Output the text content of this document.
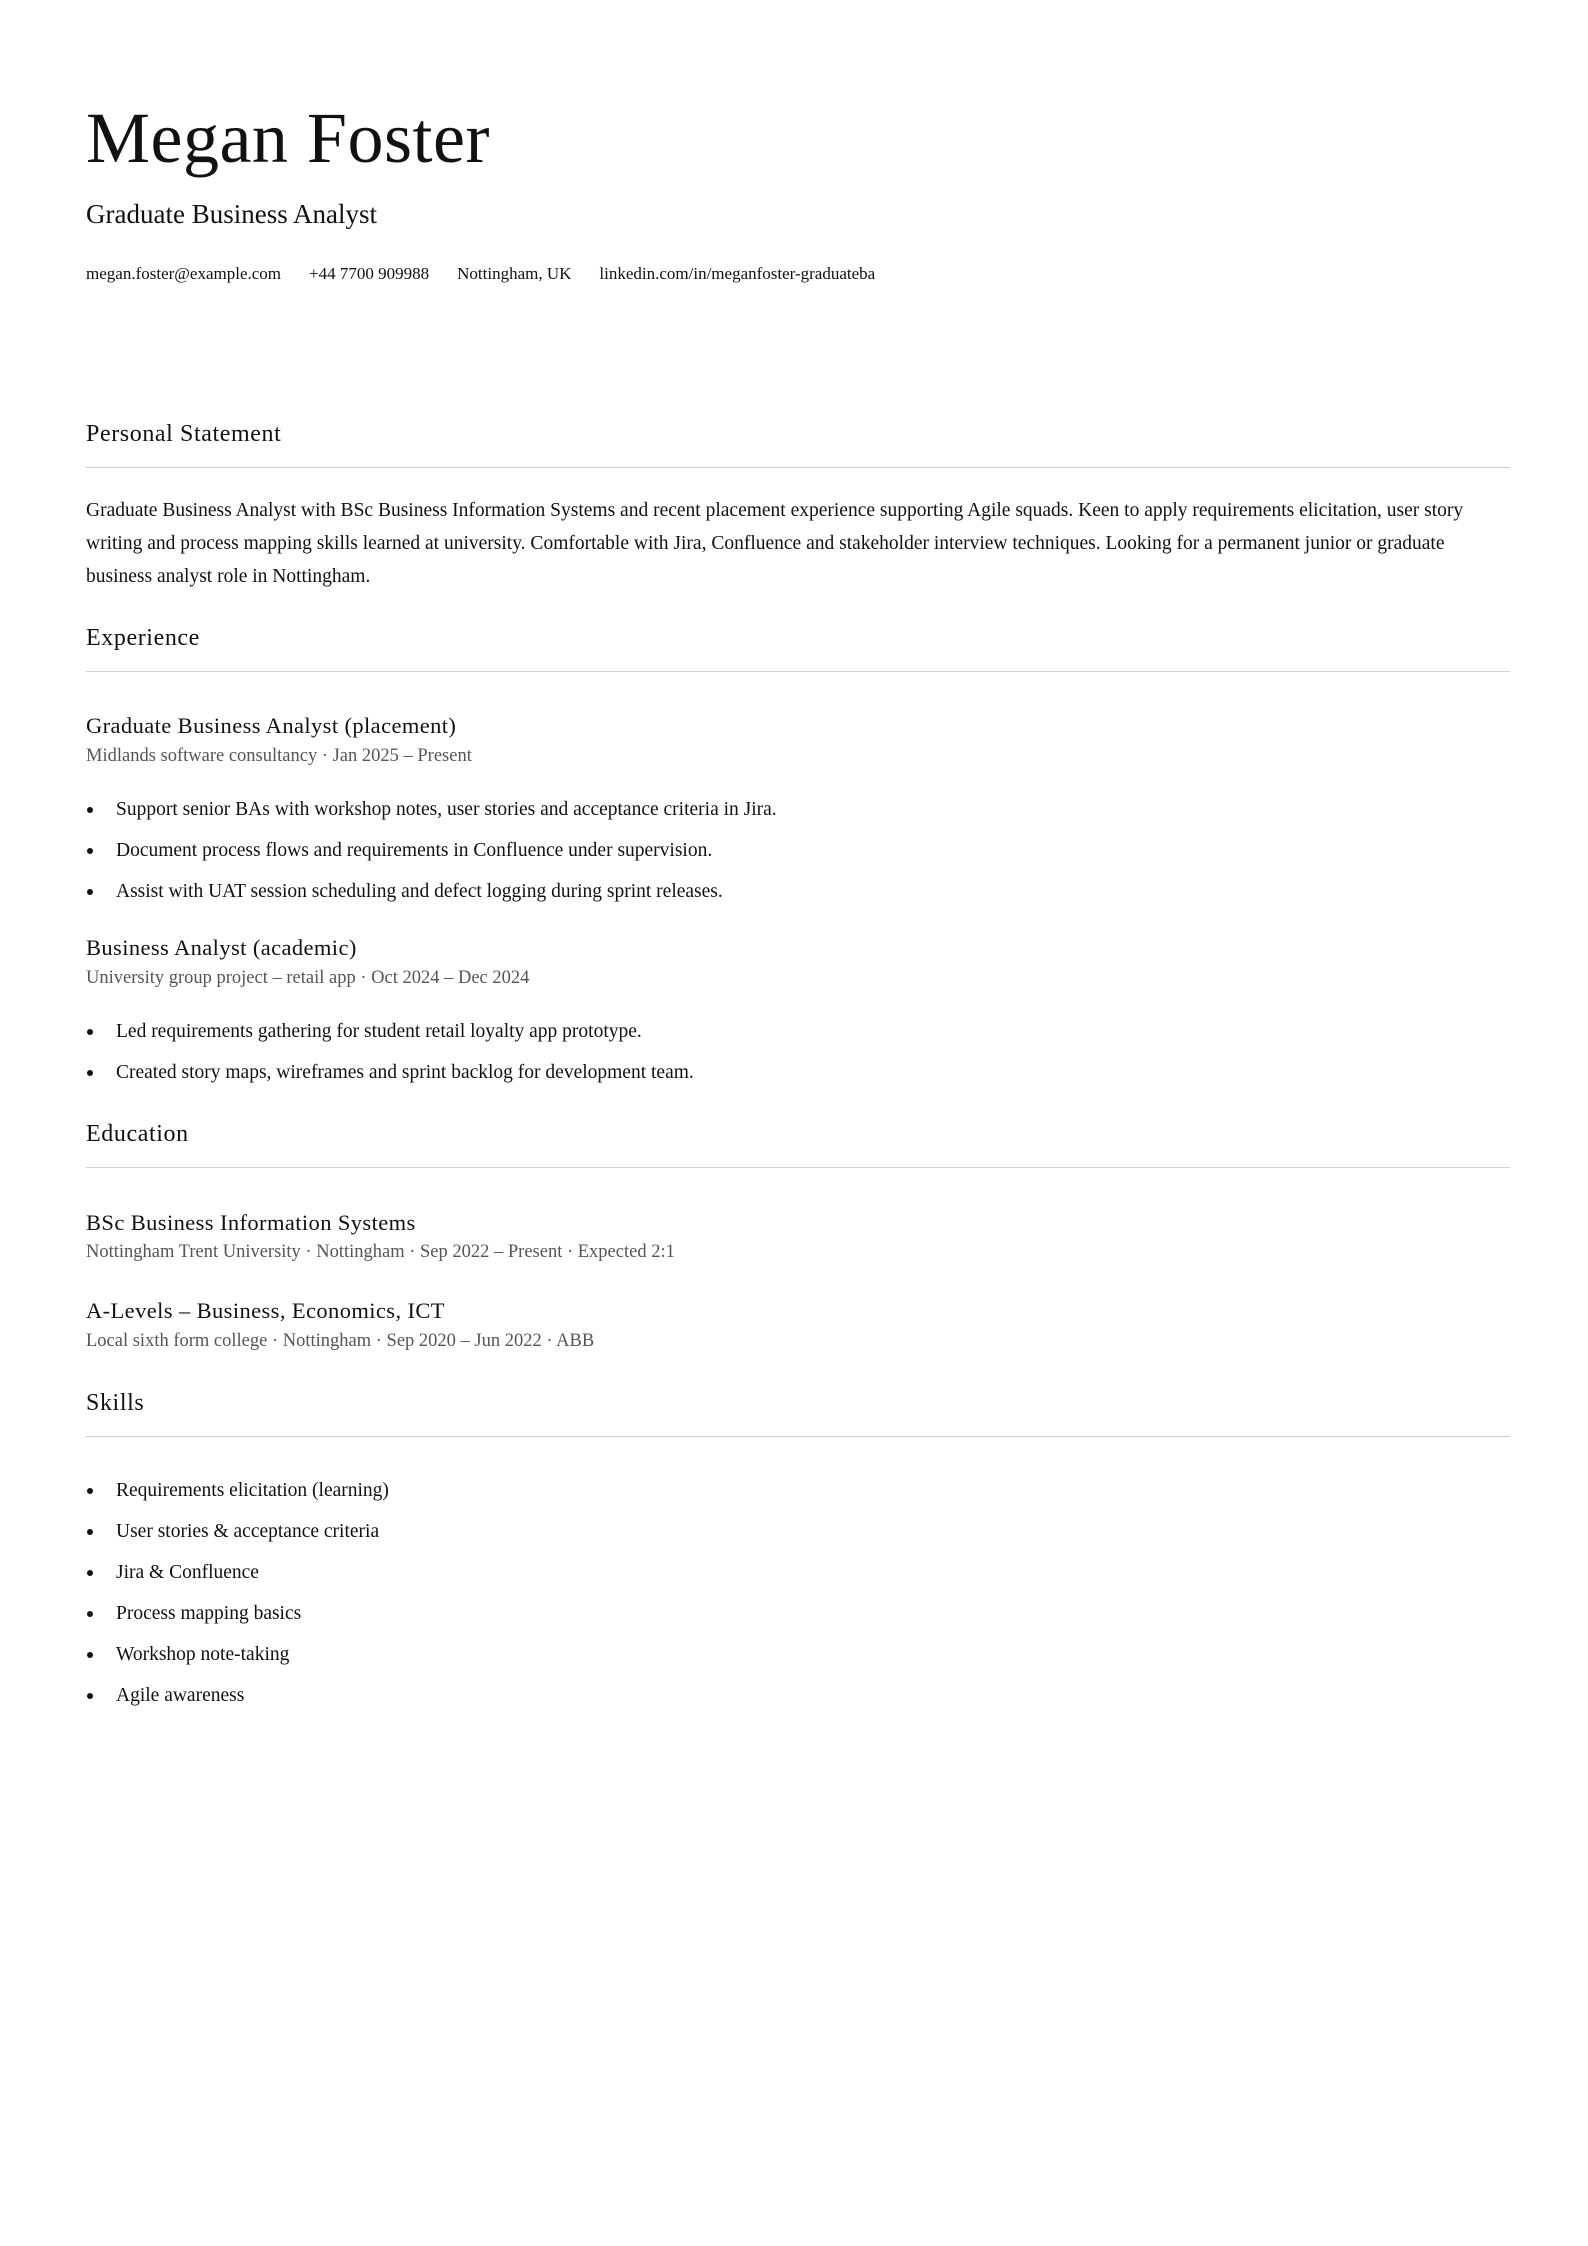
Megan Foster
Graduate Business Analyst
megan.foster@example.com +44 7700 909988 Nottingham, UK linkedin.com/in/meganfoster-graduateba
Personal Statement

Graduate Business Analyst with BSc Business Information Systems and recent placement experience supporting Agile squads. Keen to apply requirements elicitation, user story writing and process mapping skills learned at university. Comfortable with Jira, Confluence and stakeholder interview techniques. Looking for a permanent junior or graduate business analyst role in Nottingham.

Experience
Graduate Business Analyst (placement)
Midlands software consultancy · Jan 2025 – Present
Support senior BAs with workshop notes, user stories and acceptance criteria in Jira.
Document process flows and requirements in Confluence under supervision.
Assist with UAT session scheduling and defect logging during sprint releases.
Business Analyst (academic)
University group project – retail app · Oct 2024 – Dec 2024
Led requirements gathering for student retail loyalty app prototype.
Created story maps, wireframes and sprint backlog for development team.
Education
BSc Business Information Systems
Nottingham Trent University · Nottingham · Sep 2022 – Present · Expected 2:1
A-Levels – Business, Economics, ICT
Local sixth form college · Nottingham · Sep 2020 – Jun 2022 · ABB
Skills
Requirements elicitation (learning)
User stories & acceptance criteria
Jira & Confluence
Process mapping basics
Workshop note-taking
Agile awareness
